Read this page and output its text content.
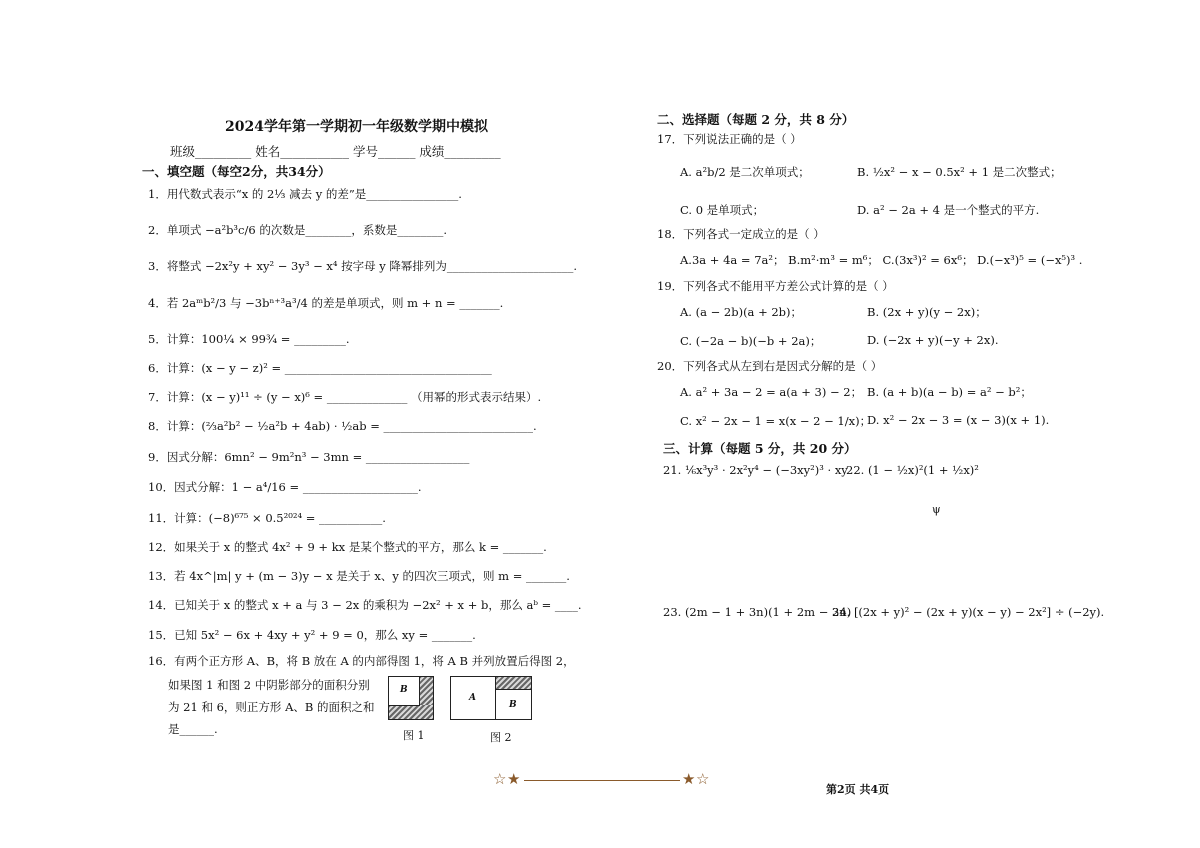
2024学年第一学期初一年级数学期中模拟
班级_________ 姓名___________ 学号______ 成绩_________
一、填空题（每空2分，共34分）
1．用代数式表示“x 的 2⅓ 减去 y 的差”是________________.
2．单项式 −a²b³c/6 的次数是________，系数是________.
3．将整式 −2x²y + xy² − 3y³ − x⁴ 按字母 y 降幂排列为______________________.
4．若 2aᵐb²/3 与 −3bⁿ⁺³a³/4 的差是单项式，则 m + n = _______.
5．计算：100¼ × 99¾ = _________.
6．计算：(x − y − z)² = ____________________________________
7．计算：(x − y)¹¹ ÷ (y − x)⁶ = ______________ （用幂的形式表示结果）.
8．计算：(⅔a²b² − ½a²b + 4ab) · ½ab = __________________________.
9．因式分解：6mn² − 9m²n³ − 3mn = __________________
10．因式分解：1 − a⁴/16 = ____________________.
11．计算：(−8)⁶⁷⁵ × 0.5²⁰²⁴ = ___________.
12．如果关于 x 的整式 4x² + 9 + kx 是某个整式的平方，那么 k = _______.
13．若 4x^|m| y + (m − 3)y − x 是关于 x、y 的四次三项式，则 m = _______.
14．已知关于 x 的整式 x + a 与 3 − 2x 的乘积为 −2x² + x + b，那么 aᵇ = ____.
15．已知 5x² − 6x + 4xy + y² + 9 = 0，那么 xy = _______.
16．有两个正方形 A、B，将 B 放在 A 的内部得图 1，将 A B 并列放置后得图 2，
如果图 1 和图 2 中阴影部分的面积分别
为 21 和 6，则正方形 A、B 的面积之和
是______.
B
图 1
A
B
图 2
二、选择题（每题 2 分，共 8 分）
17．下列说法正确的是（ ）
A. a²b/2 是二次单项式；	B. ½x² − x − 0.5x² + 1 是二次整式；
C. 0 是单项式；	D. a² − 2a + 4 是一个整式的平方.
18．下列各式一定成立的是（ ）
A.3a + 4a = 7a²； B.m²·m³ = m⁶； C.(3x³)² = 6x⁶； D.(−x³)⁵ = (−x⁵)³ .
19．下列各式不能用平方差公式计算的是（ ）
A. (a − 2b)(a + 2b)；	B. (2x + y)(y − 2x)；
C. (−2a − b)(−b + 2a)；	D. (−2x + y)(−y + 2x).
20．下列各式从左到右是因式分解的是（ ）
A. a² + 3a − 2 = a(a + 3) − 2； B. (a + b)(a − b) = a² − b²；
C. x² − 2x − 1 = x(x − 2 − 1/x)；
D. x² − 2x − 3 = (x − 3)(x + 1).
三、计算（每题 5 分，共 20 分）
21. ⅙x³y³ · 2x²y⁴ − (−3xy²)³ · xy
22. (1 − ½x)²(1 + ½x)²
ψ
23. (2m − 1 + 3n)(1 + 2m − 3n)
24. [(2x + y)² − (2x + y)(x − y) − 2x²] ÷ (−2y).
☆ ★	★ ☆
第2页 共4页
